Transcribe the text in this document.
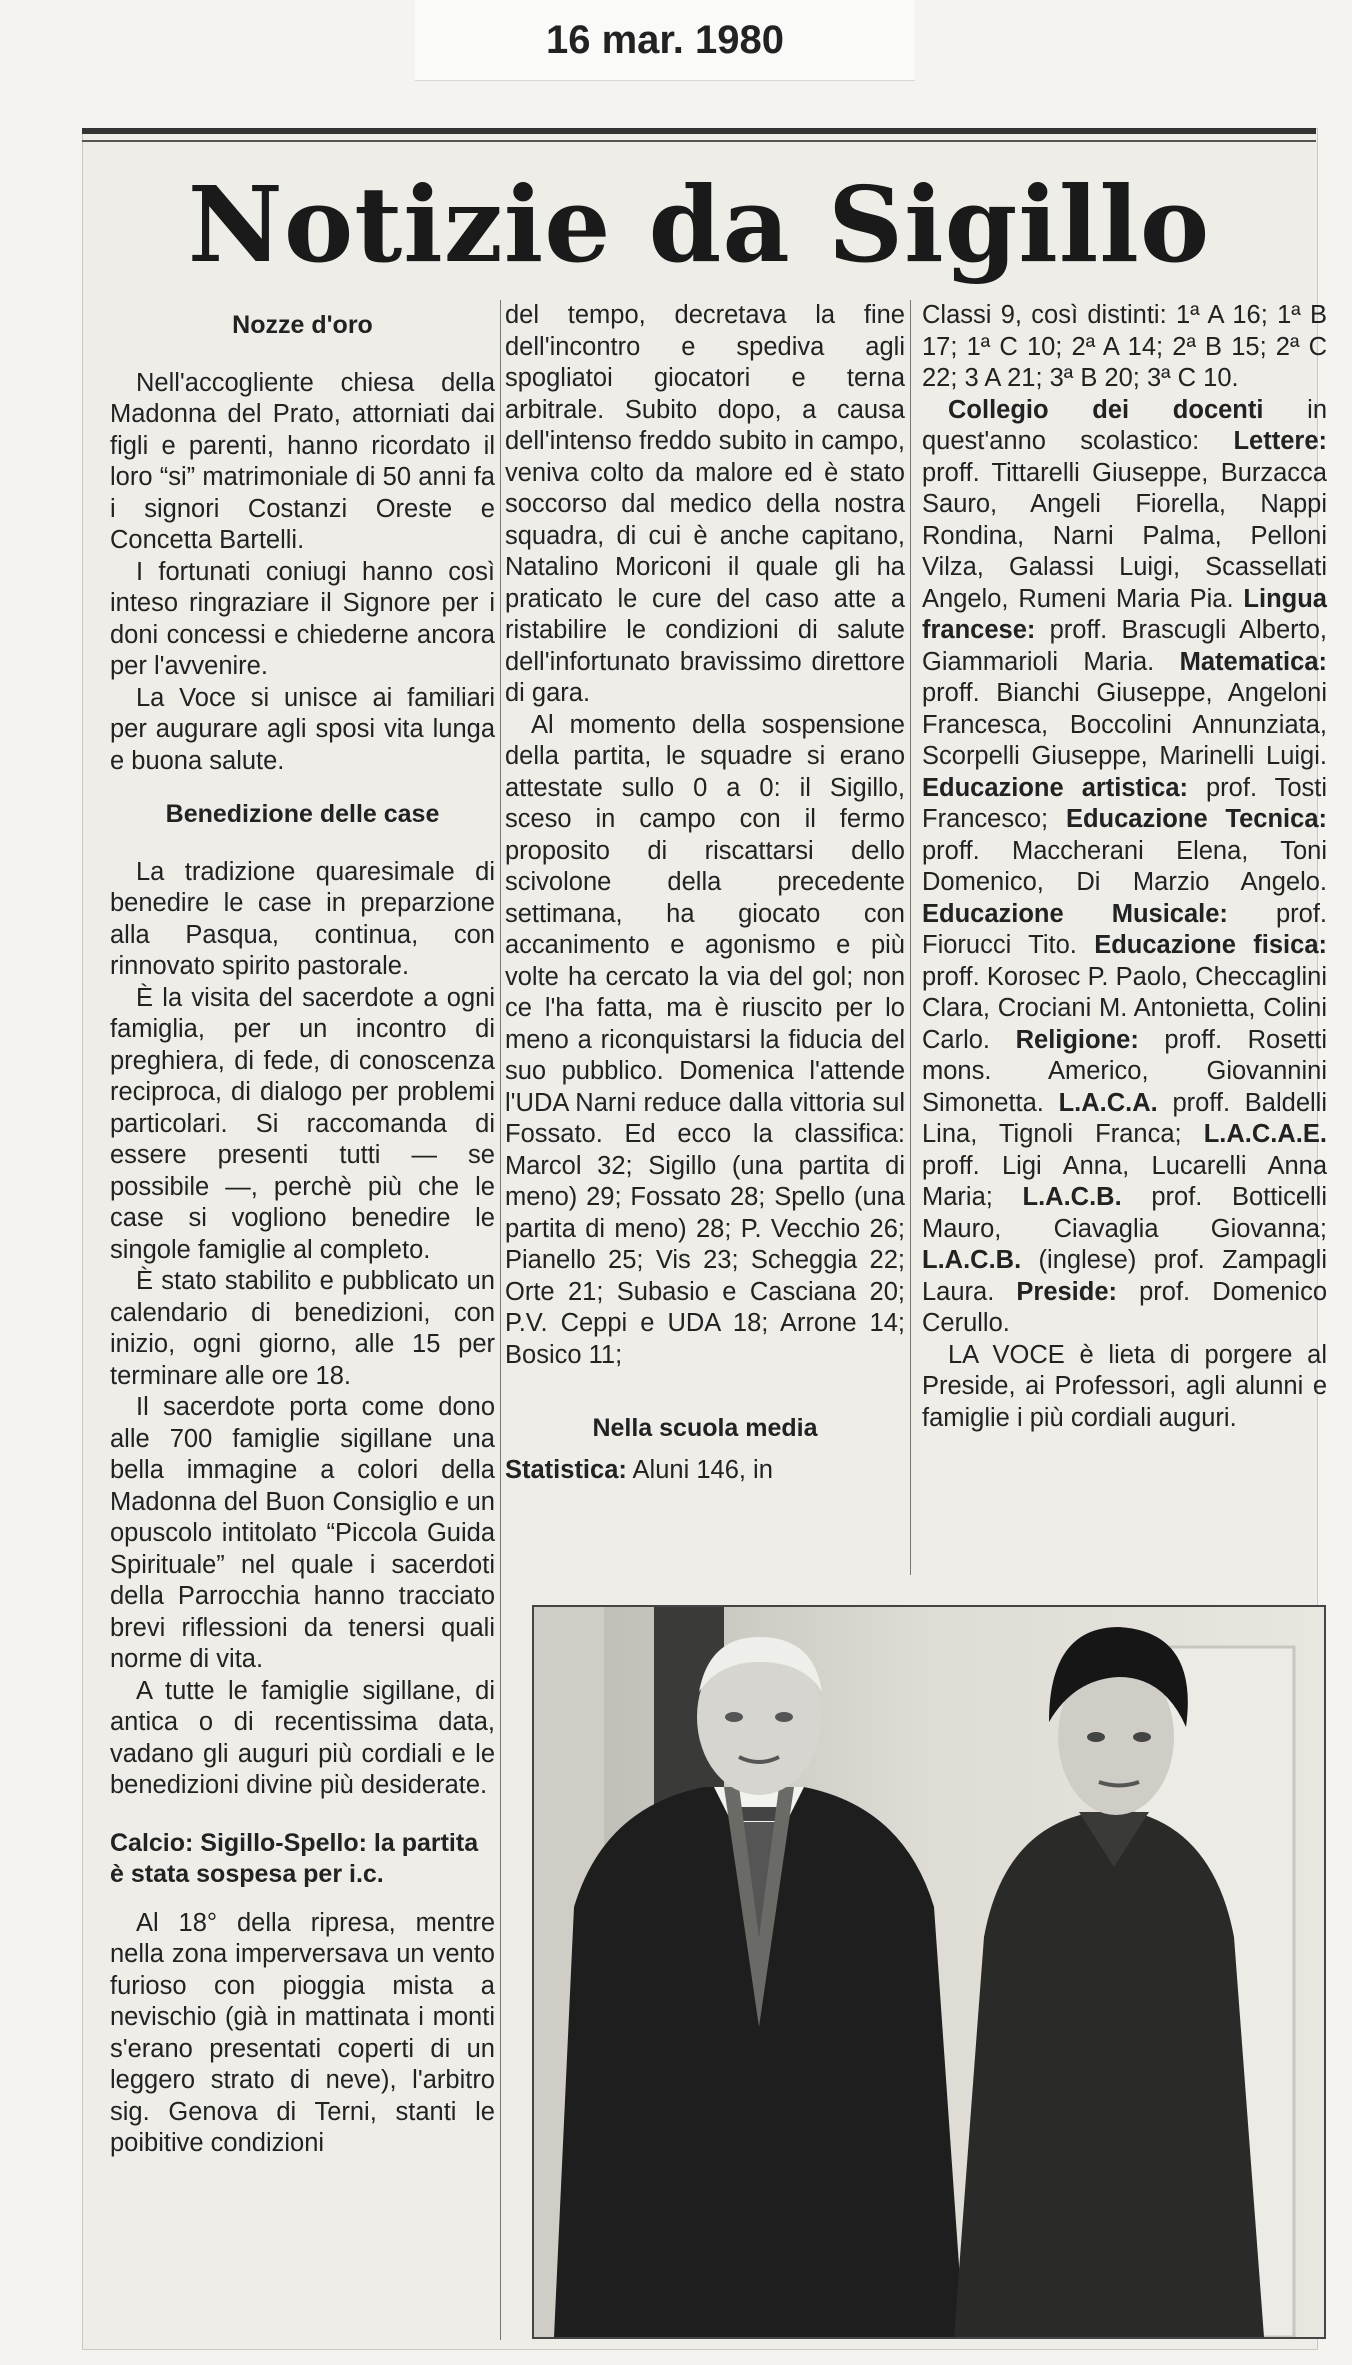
16 mar. 1980
Notizie da Sigillo
Nozze d'oro

Nell'accogliente chiesa della Madonna del Prato, attorniati dai figli e parenti, hanno ricordato il loro “si” matrimoniale di 50 anni fa i signori Costanzi Oreste e Concetta Bartelli.

I fortunati coniugi hanno così inteso ringraziare il Signore per i doni concessi e chiederne ancora per l'avvenire.

La Voce si unisce ai familiari per augurare agli sposi vita lunga e buona salute.

Benedizione delle case

La tradizione quaresimale di benedire le case in preparzione alla Pasqua, continua, con rinnovato spirito pastorale.

È la visita del sacerdote a ogni famiglia, per un incontro di preghiera, di fede, di conoscenza reciproca, di dialogo per problemi particolari. Si raccomanda di essere presenti tutti — se possibile —, perchè più che le case si vogliono benedire le singole famiglie al completo.

È stato stabilito e pubblicato un calendario di benedizioni, con inizio, ogni giorno, alle 15 per terminare alle ore 18.

Il sacerdote porta come dono alle 700 famiglie sigillane una bella immagine a colori della Madonna del Buon Consiglio e un opuscolo intitolato “Piccola Guida Spirituale” nel quale i sacerdoti della Parrocchia hanno tracciato brevi riflessioni da tenersi quali norme di vita.

A tutte le famiglie sigillane, di antica o di recentissima data, vadano gli auguri più cordiali e le benedizioni divine più desiderate.

Calcio: Sigillo-Spello: la partita è stata sospesa per i.c.

Al 18° della ripresa, mentre nella zona imperversava un vento furioso con pioggia mista a nevischio (già in mattinata i monti s'erano presentati coperti di un leggero strato di neve), l'arbitro sig. Genova di Terni, stanti le poibitive condizioni

del tempo, decretava la fine dell'incontro e spediva agli spogliatoi giocatori e terna arbitrale. Subito dopo, a causa dell'intenso freddo subito in campo, veniva colto da malore ed è stato soccorso dal medico della nostra squadra, di cui è anche capitano, Natalino Moriconi il quale gli ha praticato le cure del caso atte a ristabilire le condizioni di salute dell'infortunato bravissimo direttore di gara.

Al momento della sospensione della partita, le squadre si erano attestate sullo 0 a 0: il Sigillo, sceso in campo con il fermo proposito di riscattarsi dello scivolone della precedente settimana, ha giocato con accanimento e agonismo e più volte ha cercato la via del gol; non ce l'ha fatta, ma è riuscito per lo meno a riconquistarsi la fiducia del suo pubblico. Domenica l'attende l'UDA Narni reduce dalla vittoria sul Fossato. Ed ecco la classifica: Marcol 32; Sigillo (una partita di meno) 29; Fossato 28; Spello (una partita di meno) 28; P. Vecchio 26; Pianello 25; Vis 23; Scheggia 22; Orte 21; Subasio e Casciana 20; P.V. Ceppi e UDA 18; Arrone 14; Bosico 11;

Nella scuola media

Statistica: Aluni 146, in

Classi 9, così distinti: 1ª A 16; 1ª B 17; 1ª C 10; 2ª A 14; 2ª B 15; 2ª C 22; 3 A 21; 3ª B 20; 3ª C 10.

Collegio dei docenti in quest'anno scolastico: Lettere: proff. Tittarelli Giuseppe, Burzacca Sauro, Angeli Fiorella, Nappi Rondina, Narni Palma, Pelloni Vilza, Galassi Luigi, Scassellati Angelo, Rumeni Maria Pia. Lingua francese: proff. Brascugli Alberto, Giammarioli Maria. Matematica: proff. Bianchi Giuseppe, Angeloni Francesca, Boccolini Annunziata, Scorpelli Giuseppe, Marinelli Luigi. Educazione artistica: prof. Tosti Francesco; Educazione Tecnica: proff. Maccherani Elena, Toni Domenico, Di Marzio Angelo. Educazione Musicale: prof. Fiorucci Tito. Educazione fisica: proff. Korosec P. Paolo, Checcaglini Clara, Crociani M. Antonietta, Colini Carlo. Religione: proff. Rosetti mons. Americo, Giovannini Simonetta. L.A.C.A. proff. Baldelli Lina, Tignoli Franca; L.A.C.A.E. proff. Ligi Anna, Lucarelli Anna Maria; L.A.C.B. prof. Botticelli Mauro, Ciavaglia Giovanna; L.A.C.B. (inglese) prof. Zampagli Laura. Preside: prof. Domenico Cerullo.

LA VOCE è lieta di porgere al Preside, ai Professori, agli alunni e famiglie i più cordiali auguri.
